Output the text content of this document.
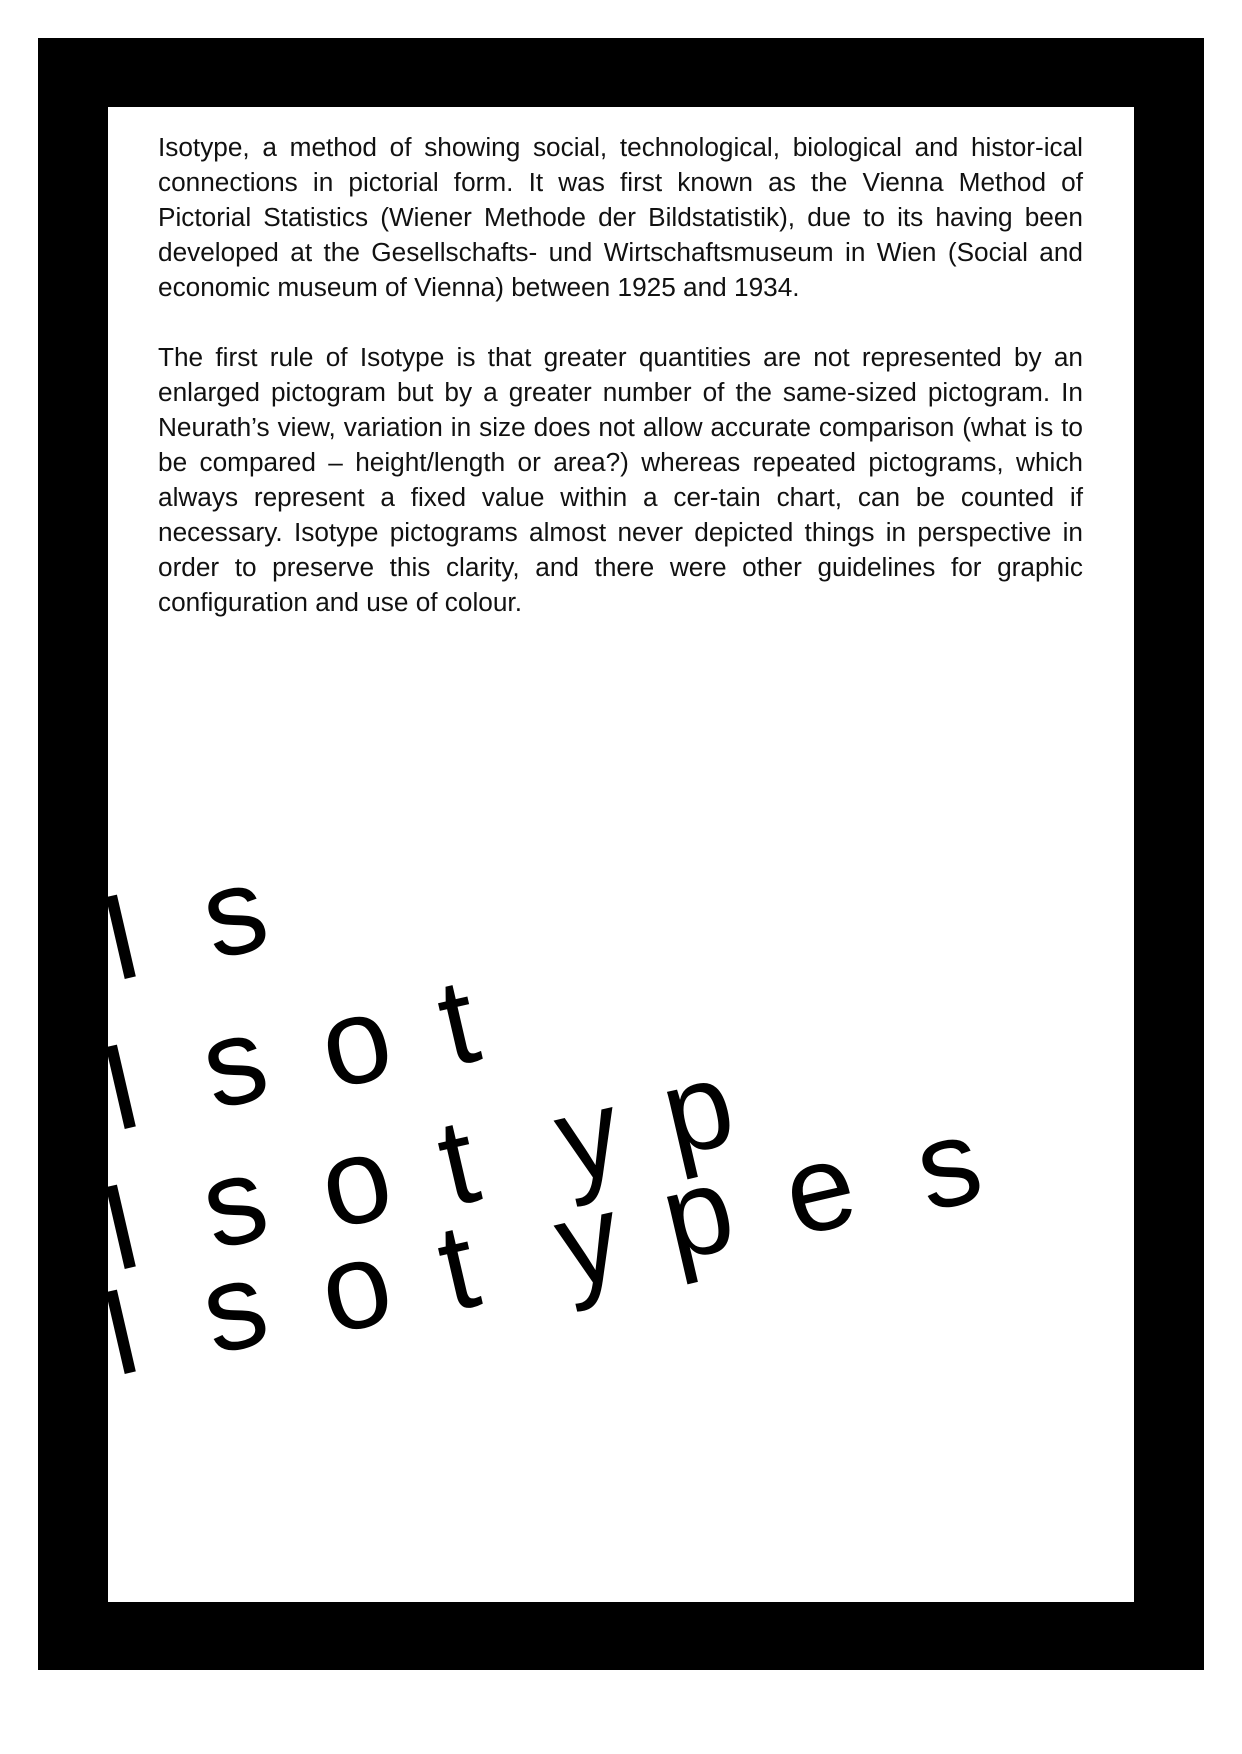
Isotype, a method of showing social, technological, biological and histor-ical connections in pictorial form. It was first known as the Vienna Method of Pictorial Statistics (Wiener Methode der Bildstatistik), due to its having been developed at the Gesellschafts- und Wirtschaftsmuseum in Wien (Social and economic museum of Vienna) between 1925 and 1934.

The first rule of Isotype is that greater quantities are not represented by an enlarged pictogram but by a greater number of the same-sized pictogram. In Neurath’s view, variation in size does not allow accurate comparison (what is to be compared – height/length or area?) whereas repeated pictograms, which always represent a fixed value within a cer-tain chart, can be counted if necessary. Isotype pictograms almost never depicted things in perspective in order to preserve this clarity, and there were other guidelines for graphic configuration and use of colour.

I s
I s o t
I s o t y p
I s o t y p e s
